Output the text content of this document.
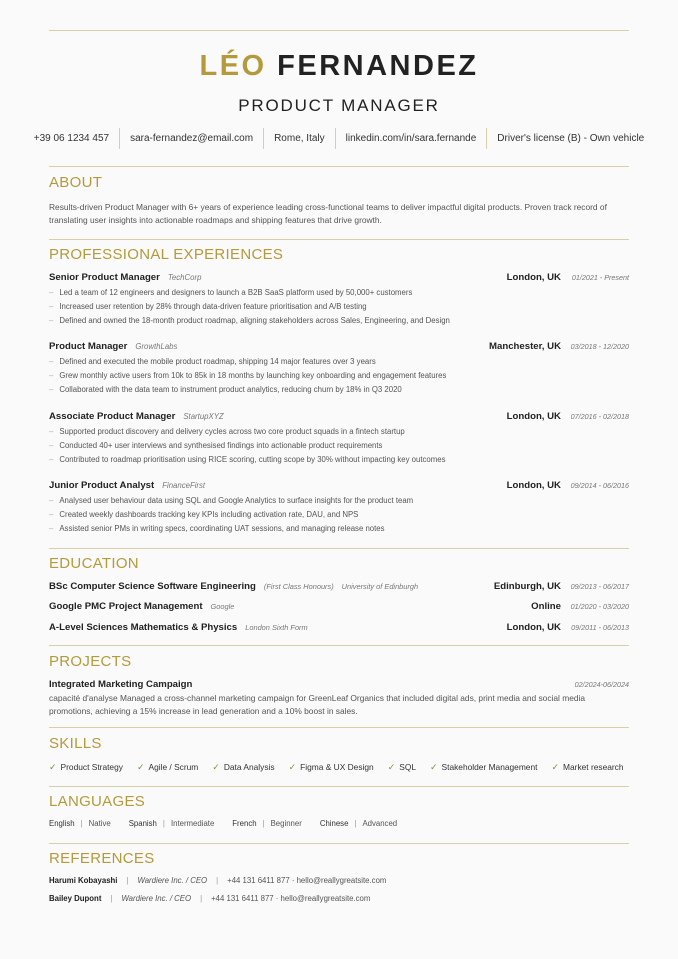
LÉO FERNANDEZ
PRODUCT MANAGER
+39 06 1234 457	sara-fernandez@email.com	Rome, Italy	linkedin.com/in/sara.fernande	Driver's license (B) - Own vehicle
ABOUT
Results-driven Product Manager with 6+ years of experience leading cross-functional teams to deliver impactful digital products. Proven track record of translating user insights into actionable roadmaps and shipping features that drive growth.
PROFESSIONAL EXPERIENCES
Senior Product Manager TechCorp	London, UK	01/2021 - Present
– Led a team of 12 engineers and designers to launch a B2B SaaS platform used by 50,000+ customers
– Increased user retention by 28% through data-driven feature prioritisation and A/B testing
– Defined and owned the 18-month product roadmap, aligning stakeholders across Sales, Engineering, and Design
Product Manager GrowthLabs	Manchester, UK 03/2018 - 12/2020
– Defined and executed the mobile product roadmap, shipping 14 major features over 3 years
– Grew monthly active users from 10k to 85k in 18 months by launching key onboarding and engagement features
– Collaborated with the data team to instrument product analytics, reducing churn by 18% in Q3 2020
Associate Product Manager StartupXYZ	London, UK 07/2016 - 02/2018
– Supported product discovery and delivery cycles across two core product squads in a fintech startup
– Conducted 40+ user interviews and synthesised findings into actionable product requirements
– Contributed to roadmap prioritisation using RICE scoring, cutting scope by 30% without impacting key outcomes
Junior Product Analyst FinanceFirst	London, UK 09/2014 - 06/2016
– Analysed user behaviour data using SQL and Google Analytics to surface insights for the product team
– Created weekly dashboards tracking key KPIs including activation rate, DAU, and NPS
– Assisted senior PMs in writing specs, coordinating UAT sessions, and managing release notes
EDUCATION
BSc Computer Science Software Engineering (First Class Honours) University of Edinburgh	Edinburgh, UK 09/2013 - 06/2017
Google PMC Project Management Google	Online 01/2020 - 03/2020
A-Level Sciences Mathematics & Physics London Sixth Form	London, UK	09/2011 - 06/2013
PROJECTS
Integrated Marketing Campaign	02/2024-06/2024
capacité d'analyse Managed a cross-channel marketing campaign for GreenLeaf Organics that included digital ads, print media and social media promotions, achieving a 15% increase in lead generation and a 10% boost in sales.
SKILLS
✓ Product Strategy ✓ Agile / Scrum ✓ Data Analysis ✓ Figma & UX Design ✓ SQL ✓ Stakeholder Management ✓ Market research
LANGUAGES
English | Native Spanish | Intermediate French | Beginner Chinese | Advanced
REFERENCES
Harumi Kobayashi | Wardiere Inc. / CEO | +44 131 6411 877 · hello@reallygreatsite.com
Bailey Dupont | Wardiere Inc. / CEO | +44 131 6411 877 · hello@reallygreatsite.com
